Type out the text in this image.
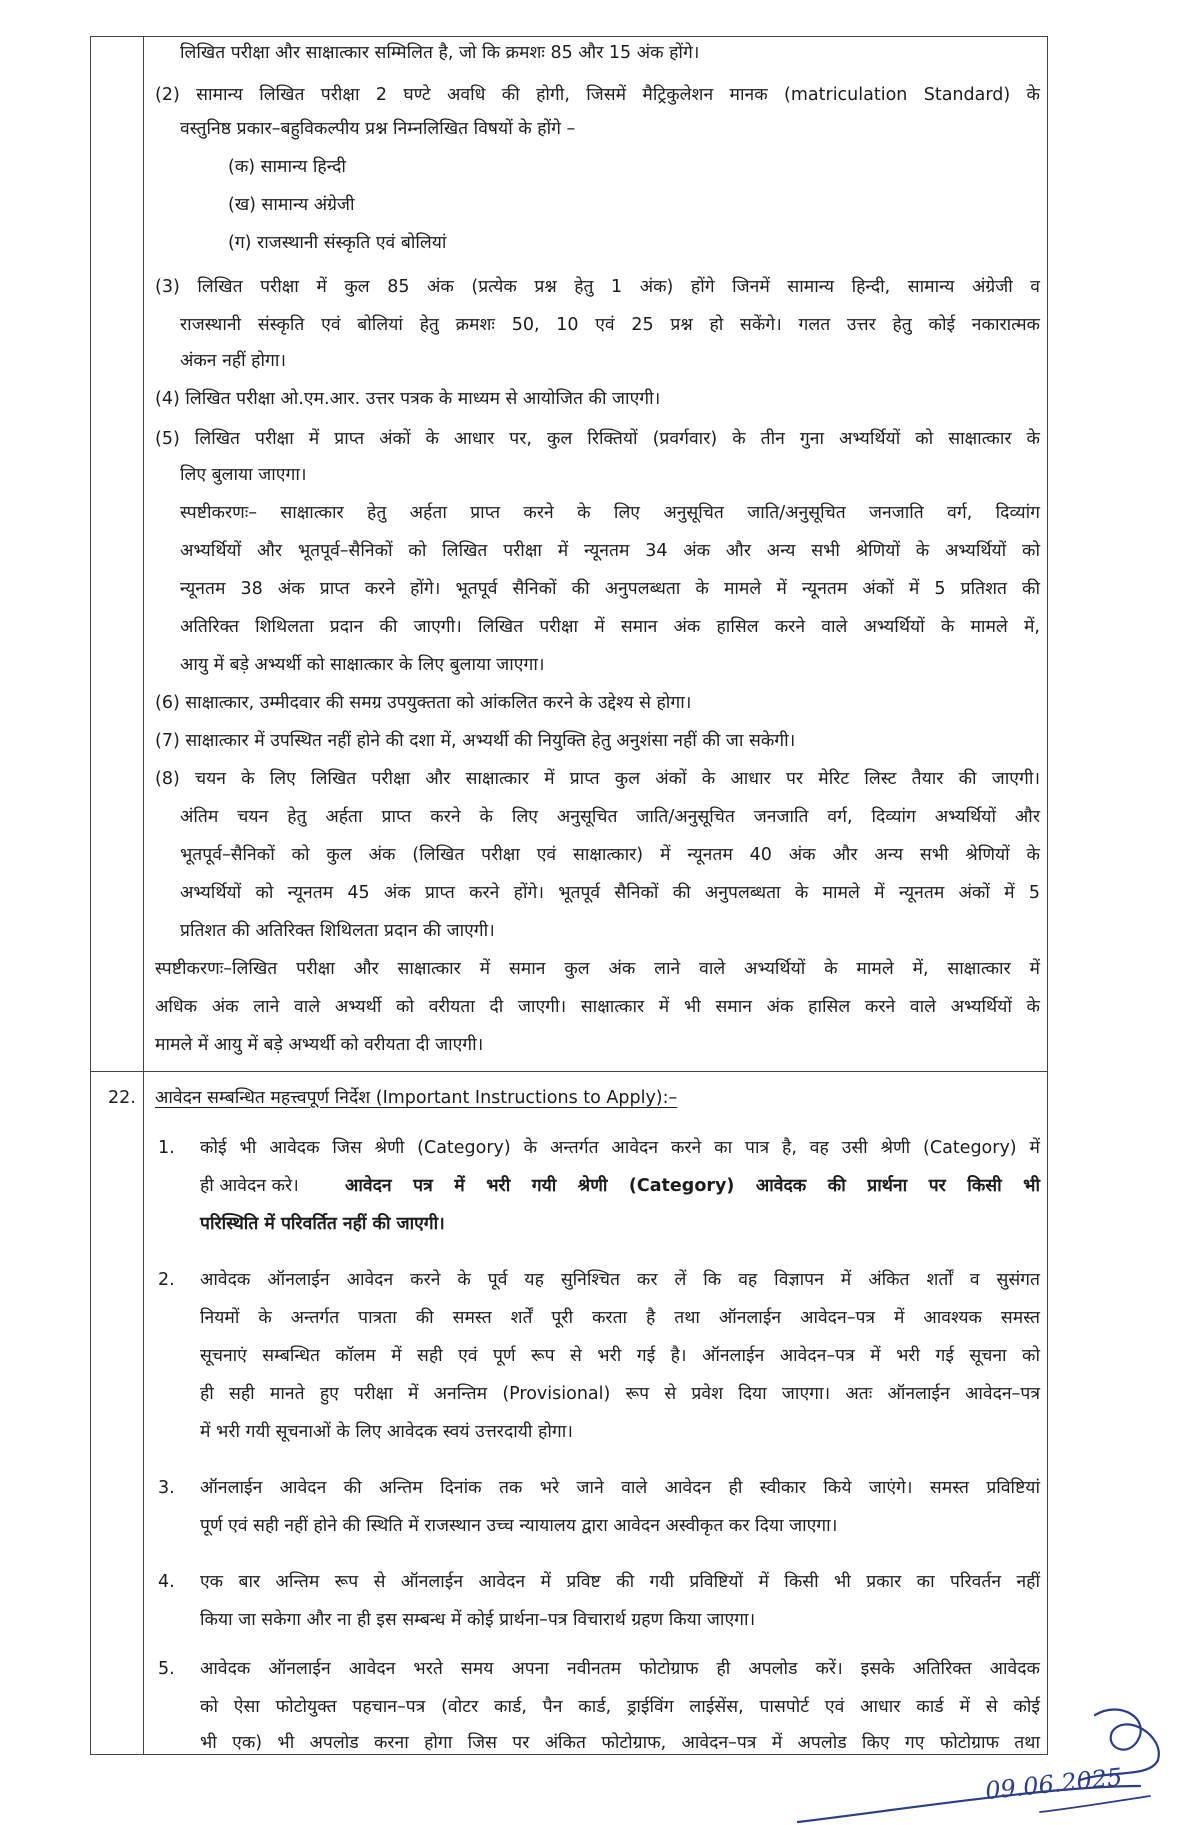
लिखित परीक्षा और साक्षात्कार सम्मिलित है, जो कि क्रमशः 85 और 15 अंक होंगे।
(2) सामान्य लिखित परीक्षा 2 घण्टे अवधि की होगी, जिसमें मैट्रिकुलेशन मानक (matriculation Standard) के
वस्तुनिष्ठ प्रकार–बहुविकल्पीय प्रश्न निम्नलिखित विषयों के होंगे –
(क) सामान्य हिन्दी
(ख) सामान्य अंग्रेजी
(ग) राजस्थानी संस्कृति एवं बोलियां
(3) लिखित परीक्षा में कुल 85 अंक (प्रत्येक प्रश्न हेतु 1 अंक) होंगे जिनमें सामान्य हिन्दी, सामान्य अंग्रेजी व
राजस्थानी संस्कृति एवं बोलियां हेतु क्रमशः 50, 10 एवं 25 प्रश्न हो सकेंगे। गलत उत्तर हेतु कोई नकारात्मक
अंकन नहीं होगा।
(4) लिखित परीक्षा ओ.एम.आर. उत्तर पत्रक के माध्यम से आयोजित की जाएगी।
(5) लिखित परीक्षा में प्राप्त अंकों के आधार पर, कुल रिक्तियों (प्रवर्गवार) के तीन गुना अभ्यर्थियों को साक्षात्कार के
लिए बुलाया जाएगा।
स्पष्टीकरणः– साक्षात्कार हेतु अर्हता प्राप्त करने के लिए अनुसूचित जाति/अनुसूचित जनजाति वर्ग, दिव्यांग
अभ्यर्थियों और भूतपूर्व–सैनिकों को लिखित परीक्षा में न्यूनतम 34 अंक और अन्य सभी श्रेणियों के अभ्यर्थियों को
न्यूनतम 38 अंक प्राप्त करने होंगे। भूतपूर्व सैनिकों की अनुपलब्धता के मामले में न्यूनतम अंकों में 5 प्रतिशत की
अतिरिक्त शिथिलता प्रदान की जाएगी। लिखित परीक्षा में समान अंक हासिल करने वाले अभ्यर्थियों के मामले में,
आयु में बड़े अभ्यर्थी को साक्षात्कार के लिए बुलाया जाएगा।
(6) साक्षात्कार, उम्मीदवार की समग्र उपयुक्तता को आंकलित करने के उद्देश्य से होगा।
(7) साक्षात्कार में उपस्थित नहीं होने की दशा में, अभ्यर्थी की नियुक्ति हेतु अनुशंसा नहीं की जा सकेगी।
(8) चयन के लिए लिखित परीक्षा और साक्षात्कार में प्राप्त कुल अंकों के आधार पर मेरिट लिस्ट तैयार की जाएगी।
अंतिम चयन हेतु अर्हता प्राप्त करने के लिए अनुसूचित जाति/अनुसूचित जनजाति वर्ग, दिव्यांग अभ्यर्थियों और
भूतपूर्व–सैनिकों को कुल अंक (लिखित परीक्षा एवं साक्षात्कार) में न्यूनतम 40 अंक और अन्य सभी श्रेणियों के
अभ्यर्थियों को न्यूनतम 45 अंक प्राप्त करने होंगे। भूतपूर्व सैनिकों की अनुपलब्धता के मामले में न्यूनतम अंकों में 5
प्रतिशत की अतिरिक्त शिथिलता प्रदान की जाएगी।
स्पष्टीकरणः–लिखित परीक्षा और साक्षात्कार में समान कुल अंक लाने वाले अभ्यर्थियों के मामले में, साक्षात्कार में
अधिक अंक लाने वाले अभ्यर्थी को वरीयता दी जाएगी। साक्षात्कार में भी समान अंक हासिल करने वाले अभ्यर्थियों के
मामले में आयु में बड़े अभ्यर्थी को वरीयता दी जाएगी।
22. आवेदन सम्बन्धित महत्त्वपूर्ण निर्देश (Important Instructions to Apply):–
1. कोई भी आवेदक जिस श्रेणी (Category) के अन्तर्गत आवेदन करने का पात्र है, वह उसी श्रेणी (Category) में
ही आवेदन करे।	आवेदन पत्र में भरी गयी श्रेणी (Category) आवेदक की प्रार्थना पर किसी भी
परिस्थिति में परिवर्तित नहीं की जाएगी।
2. आवेदक ऑनलाईन आवेदन करने के पूर्व यह सुनिश्चित कर लें कि वह विज्ञापन में अंकित शर्तों व सुसंगत
नियमों के अन्तर्गत पात्रता की समस्त शर्तें पूरी करता है तथा ऑनलाईन आवेदन–पत्र में आवश्यक समस्त
सूचनाएं सम्बन्धित कॉलम में सही एवं पूर्ण रूप से भरी गई है। ऑनलाईन आवेदन–पत्र में भरी गई सूचना को
ही सही मानते हुए परीक्षा में अनन्तिम (Provisional) रूप से प्रवेश दिया जाएगा। अतः ऑनलाईन आवेदन–पत्र
में भरी गयी सूचनाओं के लिए आवेदक स्वयं उत्तरदायी होगा।
3. ऑनलाईन आवेदन की अन्तिम दिनांक तक भरे जाने वाले आवेदन ही स्वीकार किये जाएंगे। समस्त प्रविष्टियां
पूर्ण एवं सही नहीं होने की स्थिति में राजस्थान उच्च न्यायालय द्वारा आवेदन अस्वीकृत कर दिया जाएगा।
4. एक बार अन्तिम रूप से ऑनलाईन आवेदन में प्रविष्ट की गयी प्रविष्टियों में किसी भी प्रकार का परिवर्तन नहीं
किया जा सकेगा और ना ही इस सम्बन्ध में कोई प्रार्थना–पत्र विचारार्थ ग्रहण किया जाएगा।
5. आवेदक ऑनलाईन आवेदन भरते समय अपना नवीनतम फोटोग्राफ ही अपलोड करें। इसके अतिरिक्त आवेदक
को ऐसा फोटोयुक्त पहचान–पत्र (वोटर कार्ड, पैन कार्ड, ड्राईविंग लाईसेंस, पासपोर्ट एवं आधार कार्ड में से कोई
भी एक) भी अपलोड करना होगा जिस पर अंकित फोटोग्राफ, आवेदन–पत्र में अपलोड किए गए फोटोग्राफ तथा
09.06.2025
